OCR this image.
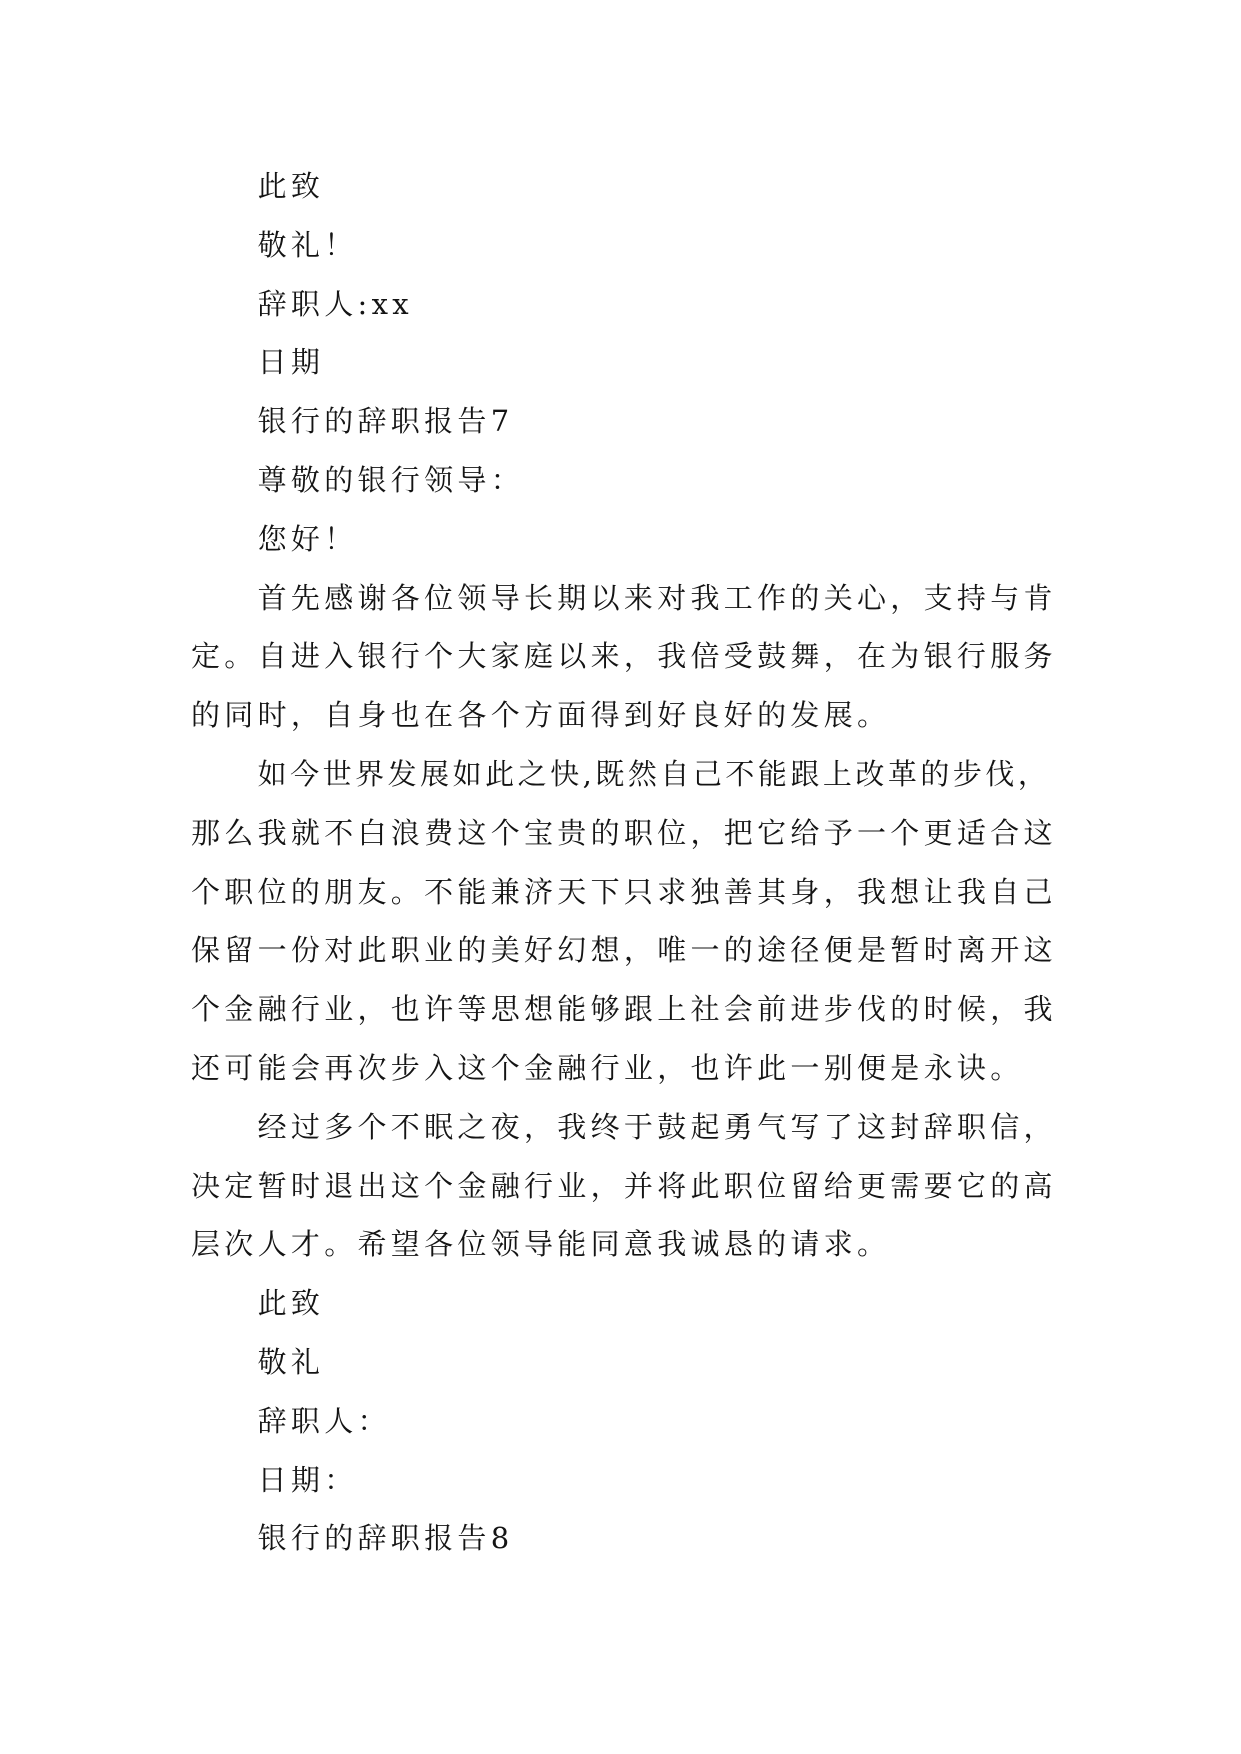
此致
敬礼！
辞职人:xx
日期
银行的辞职报告7
尊敬的银行领导：
您好！
首先感谢各位领导长期以来对我工作的关心，支持与肯
定。自进入银行个大家庭以来，我倍受鼓舞，在为银行服务
的同时，自身也在各个方面得到好良好的发展。
如今世界发展如此之快,既然自己不能跟上改革的步伐，
那么我就不白浪费这个宝贵的职位，把它给予一个更适合这
个职位的朋友。不能兼济天下只求独善其身，我想让我自己
保留一份对此职业的美好幻想，唯一的途径便是暂时离开这
个金融行业，也许等思想能够跟上社会前进步伐的时候，我
还可能会再次步入这个金融行业，也许此一别便是永诀。
经过多个不眠之夜，我终于鼓起勇气写了这封辞职信，
决定暂时退出这个金融行业，并将此职位留给更需要它的高
层次人才。希望各位领导能同意我诚恳的请求。
此致
敬礼
辞职人：
日期：
银行的辞职报告8
